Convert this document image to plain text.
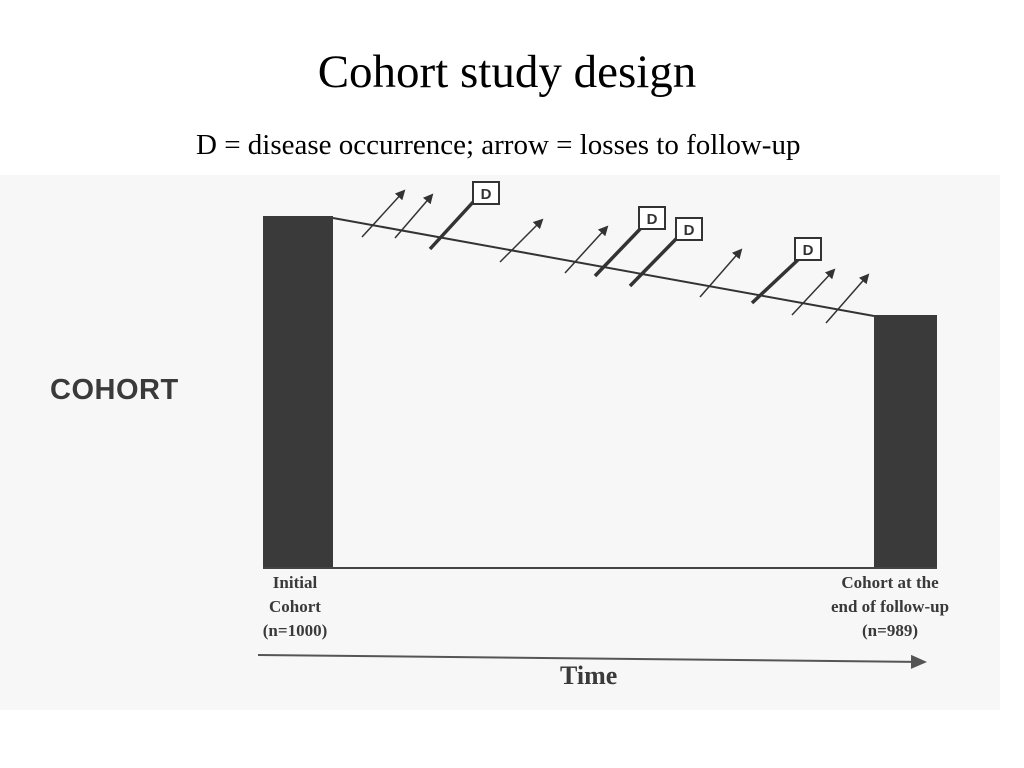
Cohort study design
D = disease occurrence; arrow = losses to follow-up
D
D
D
D
COHORT
Initial
Cohort
(n=1000)
Cohort at the
end of follow-up
(n=989)
Time
